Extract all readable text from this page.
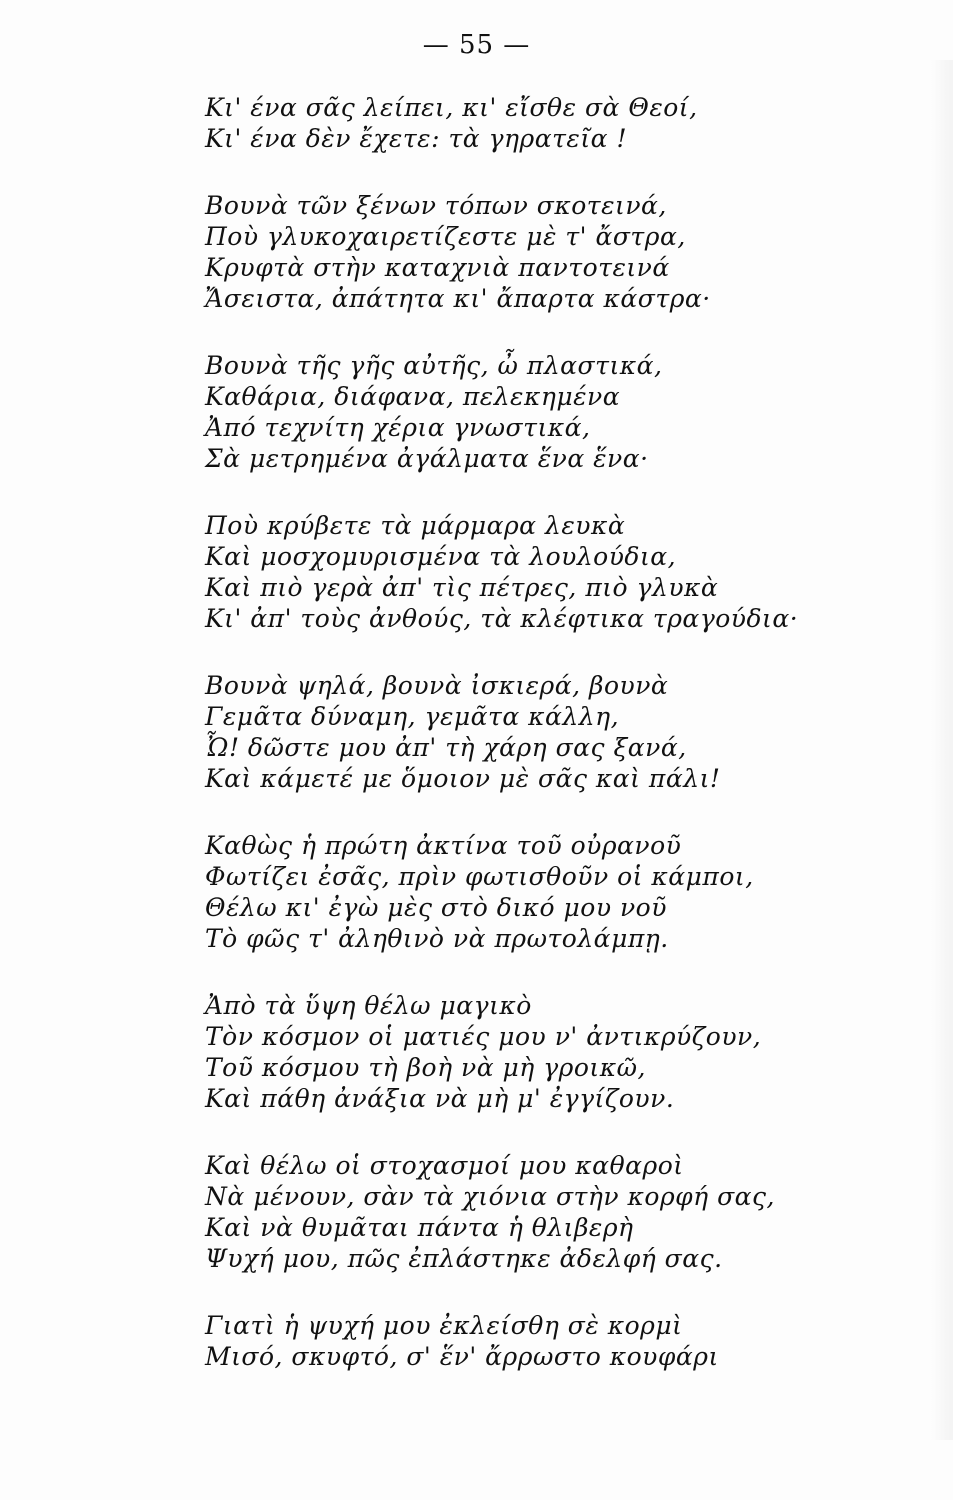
— 55 —
Κι' ένα σᾶς λείπει, κι' εἴσθε σὰ Θεοί,
Κι' ένα δὲν ἔχετε: τὰ γηρατεῖα !
Βουνὰ τῶν ξένων τόπων σκοτεινά,
Ποὺ γλυκοχαιρετίζεστε μὲ τ' ἄστρα,
Κρυφτὰ στὴν καταχνιὰ παντοτεινά
Ἄσειστα, ἀπάτητα κι' ἄπαρτα κάστρα·
Βουνὰ τῆς γῆς αὐτῆς, ὦ πλαστικά,
Καθάρια, διάφανα, πελεκημένα
Ἀπό τεχνίτη χέρια γνωστικά,
Σὰ μετρημένα ἀγάλματα ἕνα ἕνα·
Ποὺ κρύβετε τὰ μάρμαρα λευκὰ
Καὶ μοσχομυρισμένα τὰ λουλούδια,
Καὶ πιὸ γερὰ ἀπ' τὶς πέτρες, πιὸ γλυκὰ
Κι' ἀπ' τοὺς ἀνθούς, τὰ κλέφτικα τραγούδια·
Βουνὰ ψηλά, βουνὰ ἰσκιερά, βουνὰ
Γεμᾶτα δύναμη, γεμᾶτα κάλλη,
Ὦ! δῶστε μου ἀπ' τὴ χάρη σας ξανά,
Καὶ κάμετέ με ὅμοιον μὲ σᾶς καὶ πάλι!
Καθὼς ἡ πρώτη ἀκτίνα τοῦ οὐρανοῦ
Φωτίζει ἐσᾶς, πρὶν φωτισθοῦν οἱ κάμποι,
Θέλω κι' ἐγὼ μὲς στὸ δικό μου νοῦ
Τὸ φῶς τ' ἀληθινὸ νὰ πρωτολάμπῃ.
Ἀπὸ τὰ ὕψη θέλω μαγικὸ
Τὸν κόσμον οἱ ματιές μου ν' ἀντικρύζουν,
Τοῦ κόσμου τὴ βοὴ νὰ μὴ γροικῶ,
Καὶ πάθη ἀνάξια νὰ μὴ μ' ἐγγίζουν.
Καὶ θέλω οἱ στοχασμοί μου καθαροὶ
Νὰ μένουν, σὰν τὰ χιόνια στὴν κορφή σας,
Καὶ νὰ θυμᾶται πάντα ἡ θλιβερὴ
Ψυχή μου, πῶς ἐπλάστηκε ἀδελφή σας.
Γιατὶ ἡ ψυχή μου ἐκλείσθη σὲ κορμὶ
Μισό, σκυφτό, σ' ἕν' ἄρρωστο κουφάρι
